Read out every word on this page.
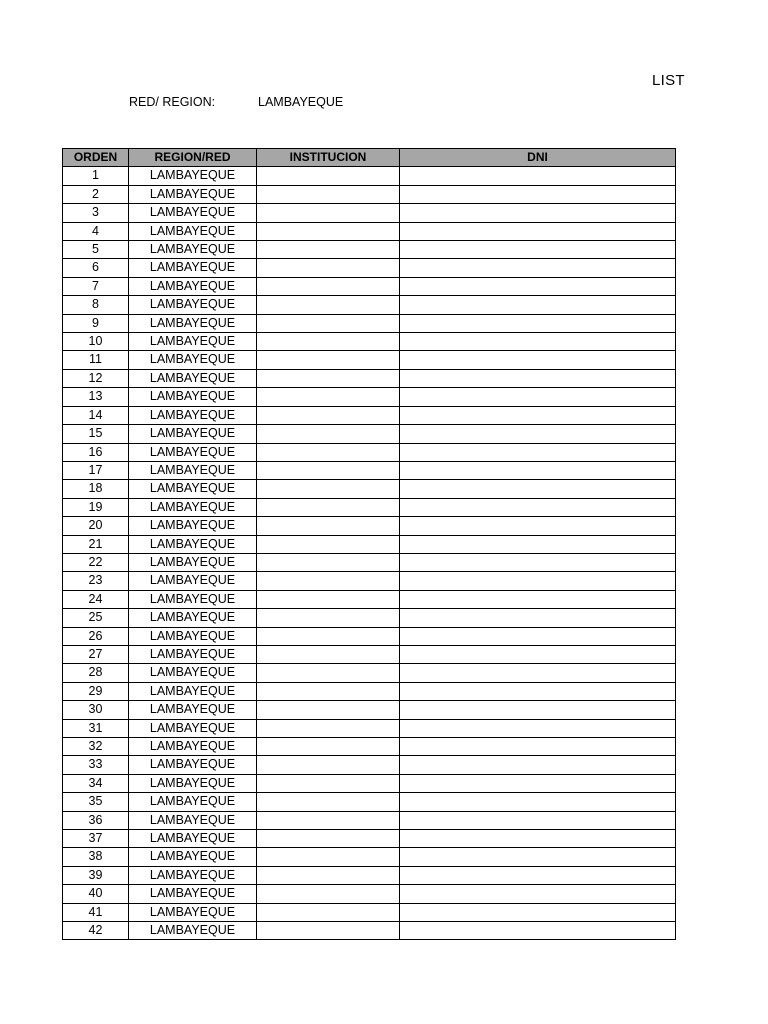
LIST
RED/ REGION:	LAMBAYEQUE
ORDEN	REGION/RED	INSTITUCION	DNI
1	LAMBAYEQUE		
2	LAMBAYEQUE		
3	LAMBAYEQUE		
4	LAMBAYEQUE		
5	LAMBAYEQUE		
6	LAMBAYEQUE		
7	LAMBAYEQUE		
8	LAMBAYEQUE		
9	LAMBAYEQUE		
10	LAMBAYEQUE		
11	LAMBAYEQUE		
12	LAMBAYEQUE		
13	LAMBAYEQUE		
14	LAMBAYEQUE		
15	LAMBAYEQUE		
16	LAMBAYEQUE		
17	LAMBAYEQUE		
18	LAMBAYEQUE		
19	LAMBAYEQUE		
20	LAMBAYEQUE		
21	LAMBAYEQUE		
22	LAMBAYEQUE		
23	LAMBAYEQUE		
24	LAMBAYEQUE		
25	LAMBAYEQUE		
26	LAMBAYEQUE		
27	LAMBAYEQUE		
28	LAMBAYEQUE		
29	LAMBAYEQUE		
30	LAMBAYEQUE		
31	LAMBAYEQUE		
32	LAMBAYEQUE		
33	LAMBAYEQUE		
34	LAMBAYEQUE		
35	LAMBAYEQUE		
36	LAMBAYEQUE		
37	LAMBAYEQUE		
38	LAMBAYEQUE		
39	LAMBAYEQUE		
40	LAMBAYEQUE		
41	LAMBAYEQUE		
42	LAMBAYEQUE		
